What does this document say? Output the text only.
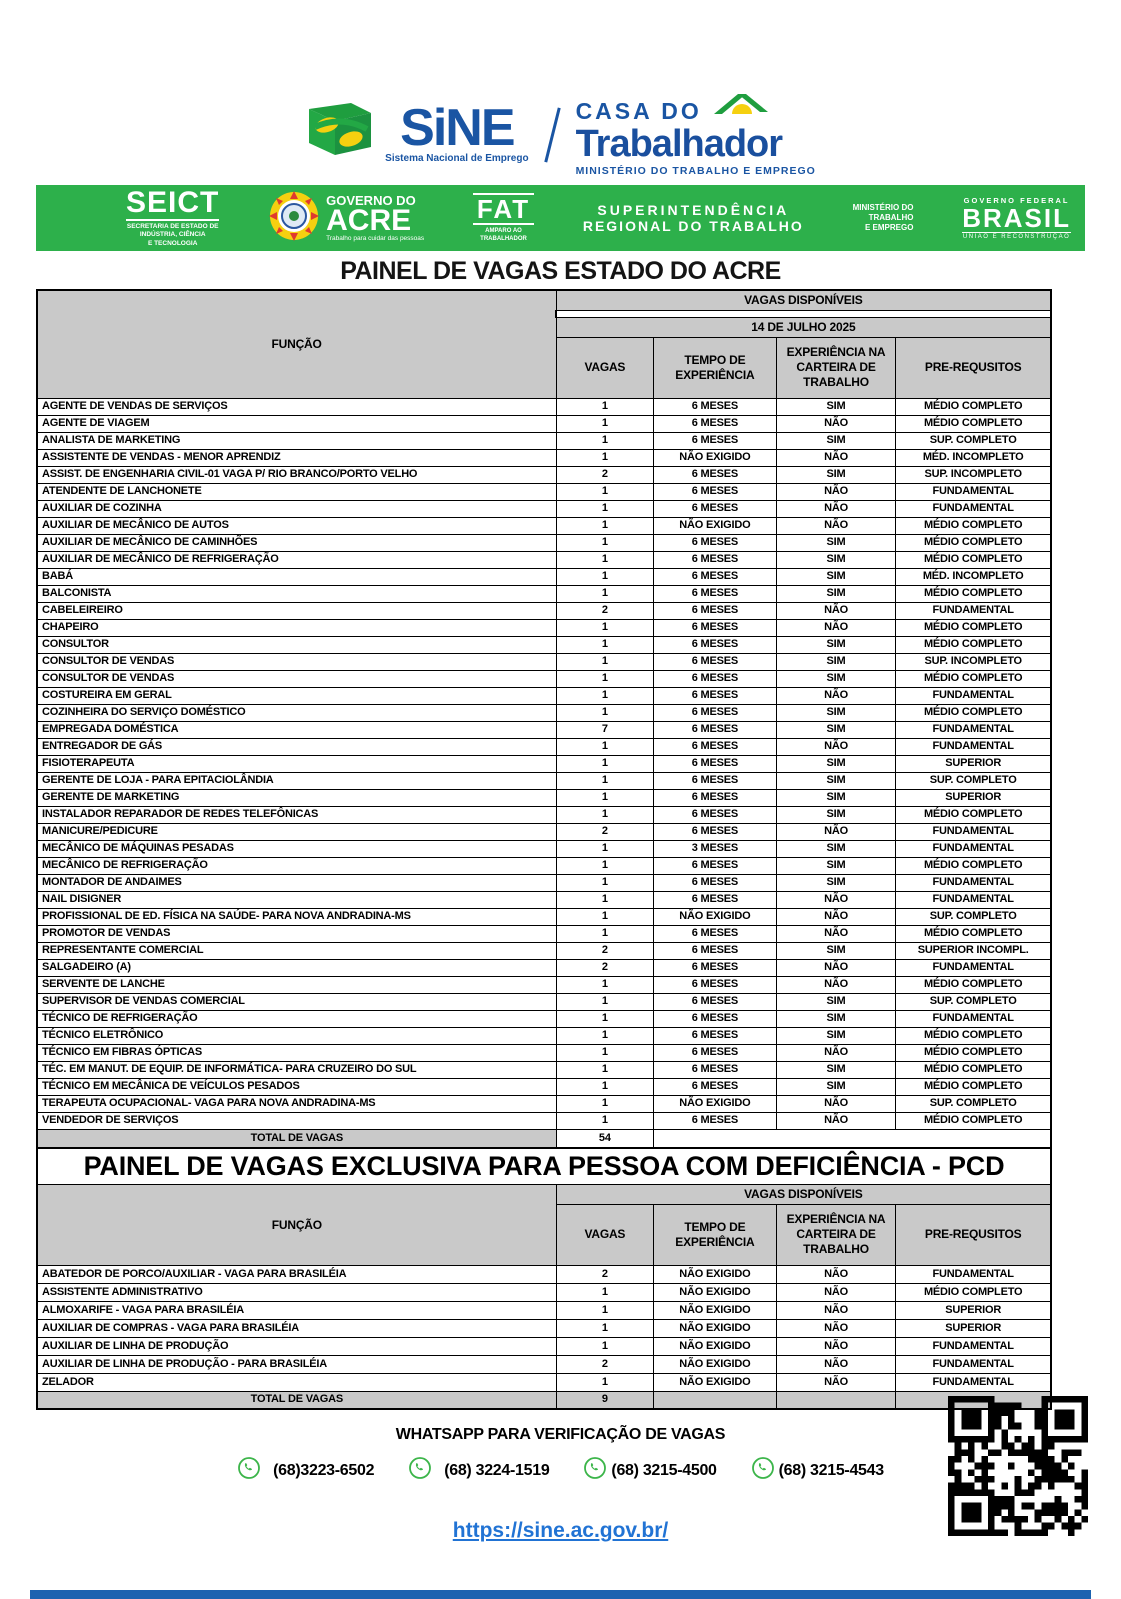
SiNE
Sistema Nacional de Emprego
CASA DO
Trabalhador
MINISTÉRIO DO TRABALHO E EMPREGO
SEICT
SECRETARIA DE ESTADO DE
INDÚSTRIA, CIÊNCIA
E TECNOLOGIA
GOVERNO DO
ACRE
Trabalho para cuidar das pessoas
FAT
AMPARO AO
TRABALHADOR
SUPERINTENDÊNCIA
REGIONAL DO TRABALHO
MINISTÉRIO DO
TRABALHO
E EMPREGO
GOVERNO FEDERAL
BRASIL
UNIÃO E RECONSTRUÇÃO
PAINEL DE VAGAS ESTADO DO ACRE
FUNÇÃO	VAGAS DISPONÍVEIS			

	14 DE JULHO 2025			
	VAGAS	TEMPO DE EXPERIÊNCIA	EXPERIÊNCIA NA CARTEIRA DE TRABALHO	PRE-REQUSITOS
AGENTE DE VENDAS DE SERVIÇOS	1	6 MESES	SIM	MÉDIO COMPLETO
AGENTE DE VIAGEM	1	6 MESES	NÃO	MÉDIO COMPLETO
ANALISTA DE MARKETING	1	6 MESES	SIM	SUP. COMPLETO
ASSISTENTE DE VENDAS - MENOR APRENDIZ	1	NÃO EXIGIDO	NÃO	MÉD. INCOMPLETO
ASSIST. DE ENGENHARIA CIVIL-01 VAGA P/ RIO BRANCO/PORTO VELHO	2	6 MESES	SIM	SUP. INCOMPLETO
ATENDENTE DE LANCHONETE	1	6 MESES	NÃO	FUNDAMENTAL
AUXILIAR DE COZINHA	1	6 MESES	NÃO	FUNDAMENTAL
AUXILIAR DE MECÂNICO DE AUTOS	1	NÃO EXIGIDO	NÃO	MÉDIO COMPLETO
AUXILIAR DE MECÂNICO DE CAMINHÕES	1	6 MESES	SIM	MÉDIO COMPLETO
AUXILIAR DE MECÂNICO DE REFRIGERAÇÃO	1	6 MESES	SIM	MÉDIO COMPLETO
BABÁ	1	6 MESES	SIM	MÉD. INCOMPLETO
BALCONISTA	1	6 MESES	SIM	MÉDIO COMPLETO
CABELEIREIRO	2	6 MESES	NÃO	FUNDAMENTAL
CHAPEIRO	1	6 MESES	NÃO	MÉDIO COMPLETO
CONSULTOR	1	6 MESES	SIM	MÉDIO COMPLETO
CONSULTOR DE VENDAS	1	6 MESES	SIM	SUP. INCOMPLETO
CONSULTOR DE VENDAS	1	6 MESES	SIM	MÉDIO COMPLETO
COSTUREIRA EM GERAL	1	6 MESES	NÃO	FUNDAMENTAL
COZINHEIRA DO SERVIÇO DOMÉSTICO	1	6 MESES	SIM	MÉDIO COMPLETO
EMPREGADA DOMÉSTICA	7	6 MESES	SIM	FUNDAMENTAL
ENTREGADOR DE GÁS	1	6 MESES	NÃO	FUNDAMENTAL
FISIOTERAPEUTA	1	6 MESES	SIM	SUPERIOR
GERENTE DE LOJA - PARA EPITACIOLÂNDIA	1	6 MESES	SIM	SUP. COMPLETO
GERENTE DE MARKETING	1	6 MESES	SIM	SUPERIOR
INSTALADOR REPARADOR DE REDES TELEFÔNICAS	1	6 MESES	SIM	MÉDIO COMPLETO
MANICURE/PEDICURE	2	6 MESES	NÃO	FUNDAMENTAL
MECÂNICO DE MÁQUINAS PESADAS	1	3 MESES	SIM	FUNDAMENTAL
MECÂNICO DE REFRIGERAÇÃO	1	6 MESES	SIM	MÉDIO COMPLETO
MONTADOR DE ANDAIMES	1	6 MESES	SIM	FUNDAMENTAL
NAIL DISIGNER	1	6 MESES	NÃO	FUNDAMENTAL
PROFISSIONAL DE ED. FÍSICA NA SAÚDE- PARA NOVA ANDRADINA-MS	1	NÃO EXIGIDO	NÃO	SUP. COMPLETO
PROMOTOR DE VENDAS	1	6 MESES	NÃO	MÉDIO COMPLETO
REPRESENTANTE COMERCIAL	2	6 MESES	SIM	SUPERIOR INCOMPL.
SALGADEIRO (A)	2	6 MESES	NÃO	FUNDAMENTAL
SERVENTE DE LANCHE	1	6 MESES	NÃO	MÉDIO COMPLETO
SUPERVISOR DE VENDAS COMERCIAL	1	6 MESES	SIM	SUP. COMPLETO
TÉCNICO DE REFRIGERAÇÃO	1	6 MESES	SIM	FUNDAMENTAL
TÉCNICO ELETRÔNICO	1	6 MESES	SIM	MÉDIO COMPLETO
TÉCNICO EM FIBRAS ÓPTICAS	1	6 MESES	NÃO	MÉDIO COMPLETO
TÉC. EM MANUT. DE EQUIP. DE INFORMÁTICA- PARA CRUZEIRO DO SUL	1	6 MESES	SIM	MÉDIO COMPLETO
TÉCNICO EM MECÂNICA DE VEÍCULOS PESADOS	1	6 MESES	SIM	MÉDIO COMPLETO
TERAPEUTA OCUPACIONAL- VAGA PARA NOVA ANDRADINA-MS	1	NÃO EXIGIDO	NÃO	SUP. COMPLETO
VENDEDOR DE SERVIÇOS	1	6 MESES	NÃO	MÉDIO COMPLETO
TOTAL DE VAGAS	54			
PAINEL DE VAGAS EXCLUSIVA PARA PESSOA COM DEFICIÊNCIA - PCD				
FUNÇÃO	VAGAS DISPONÍVEIS			
	VAGAS	TEMPO DE EXPERIÊNCIA	EXPERIÊNCIA NA CARTEIRA DE TRABALHO	PRE-REQUSITOS
ABATEDOR DE PORCO/AUXILIAR - VAGA PARA BRASILÉIA	2	NÃO EXIGIDO	NÃO	FUNDAMENTAL
ASSISTENTE ADMINISTRATIVO	1	NÃO EXIGIDO	NÃO	MÉDIO COMPLETO
ALMOXARIFE - VAGA PARA BRASILÉIA	1	NÃO EXIGIDO	NÃO	SUPERIOR
AUXILIAR DE COMPRAS - VAGA PARA BRASILÉIA	1	NÃO EXIGIDO	NÃO	SUPERIOR
AUXILIAR DE LINHA DE PRODUÇÃO	1	NÃO EXIGIDO	NÃO	FUNDAMENTAL
AUXILIAR DE LINHA DE PRODUÇÃO - PARA BRASILÉIA	2	NÃO EXIGIDO	NÃO	FUNDAMENTAL
ZELADOR	1	NÃO EXIGIDO	NÃO	FUNDAMENTAL
TOTAL DE VAGAS	9			
WHATSAPP PARA VERIFICAÇÃO DE VAGAS
(68)3223-6502	(68) 3224-1519	(68) 3215-4500	(68) 3215-4543
https://sine.ac.gov.br/
